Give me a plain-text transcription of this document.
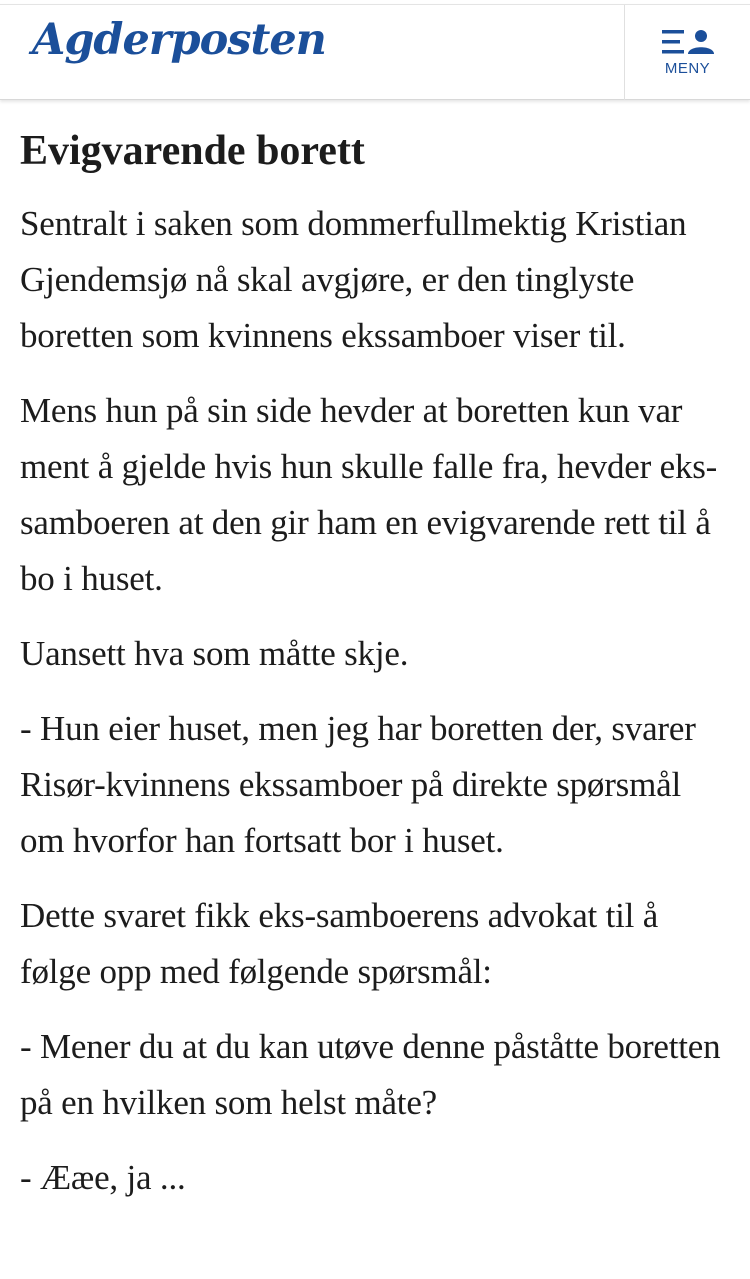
Agderposten
MENY
Evigvarende borett

Sentralt i saken som dommerfullmektig Kristian Gjendemsjø nå skal avgjøre, er den tinglyste boretten som kvinnens ekssamboer viser til.

Mens hun på sin side hevder at boretten kun var ment å gjelde hvis hun skulle falle fra, hevder eks-samboeren at den gir ham en evigvarende rett til å bo i huset.

Uansett hva som måtte skje.

- Hun eier huset, men jeg har boretten der, svarer Risør-kvinnens ekssamboer på direkte spørsmål om hvorfor han fortsatt bor i huset.

Dette svaret fikk eks-samboerens advokat til å følge opp med følgende spørsmål:

- Mener du at du kan utøve denne påståtte boretten på en hvilken som helst måte?

- Ææe, ja ...
